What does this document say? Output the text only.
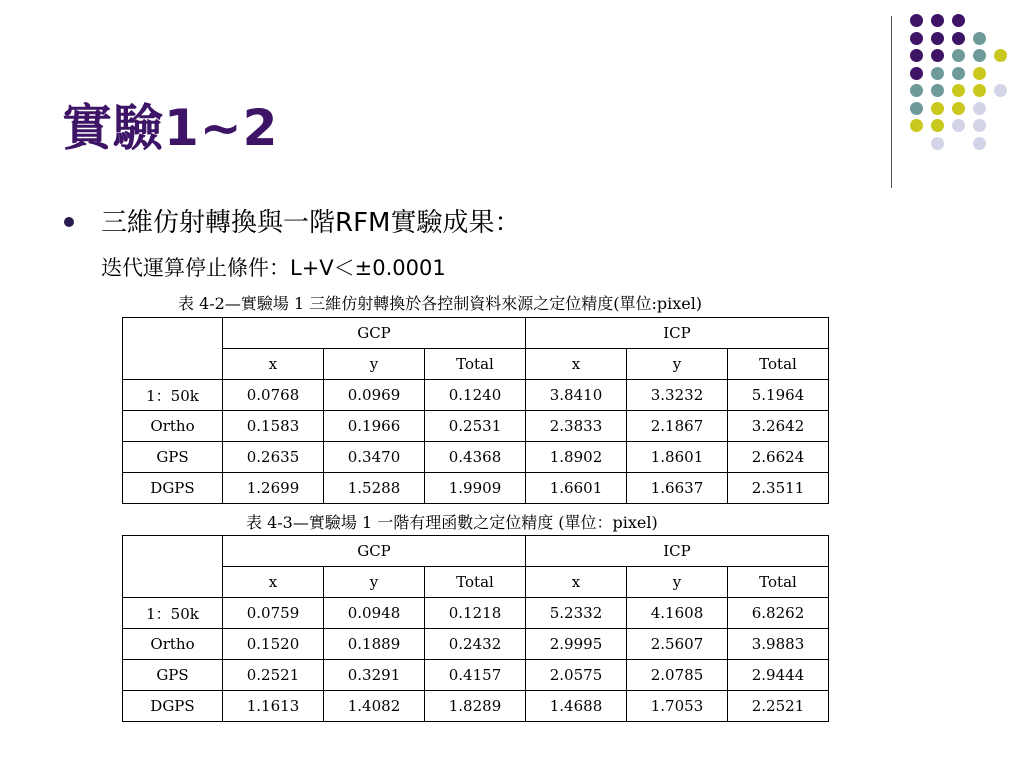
實驗1~2
三維仿射轉換與一階RFM實驗成果：
迭代運算停止條件：L+V＜±0.0001
表 4-2—實驗場 1 三維仿射轉換於各控制資料來源之定位精度(單位:pixel)
	GCP			ICP		
	x	y	Total	x	y	Total
1：50k	0.0768	0.0969	0.1240	3.8410	3.3232	5.1964
Ortho	0.1583	0.1966	0.2531	2.3833	2.1867	3.2642
GPS	0.2635	0.3470	0.4368	1.8902	1.8601	2.6624
DGPS	1.2699	1.5288	1.9909	1.6601	1.6637	2.3511
表 4-3—實驗場 1 一階有理函數之定位精度 (單位：pixel)
	GCP			ICP		
	x	y	Total	x	y	Total
1：50k	0.0759	0.0948	0.1218	5.2332	4.1608	6.8262
Ortho	0.1520	0.1889	0.2432	2.9995	2.5607	3.9883
GPS	0.2521	0.3291	0.4157	2.0575	2.0785	2.9444
DGPS	1.1613	1.4082	1.8289	1.4688	1.7053	2.2521
